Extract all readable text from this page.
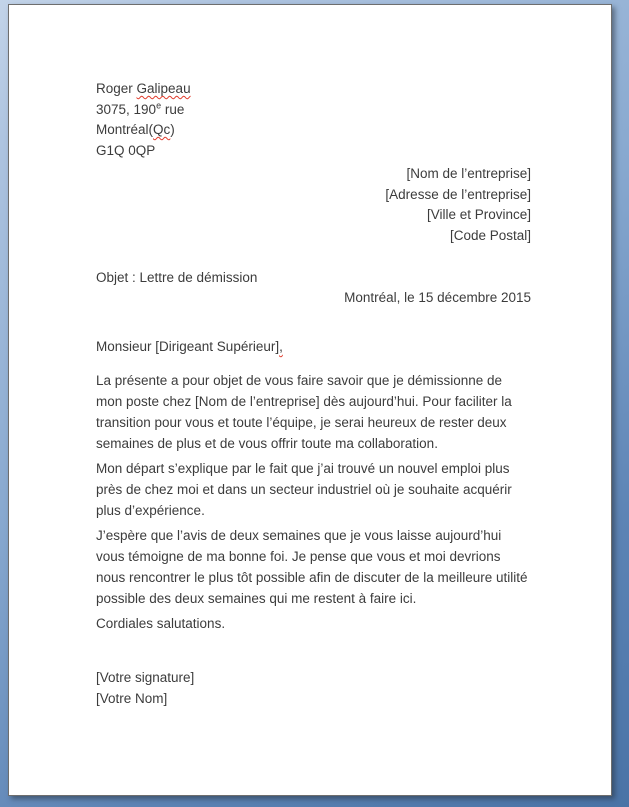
Roger Galipeau
3075, 190e rue
Montréal(Qc)
G1Q 0QP
[Nom de l’entreprise]
[Adresse de l’entreprise]
[Ville et Province]
[Code Postal]
Objet : Lettre de démission
Montréal, le 15 décembre 2015
Monsieur [Dirigeant Supérieur],

La présente a pour objet de vous faire savoir que je démissionne de mon poste chez [Nom de l’entreprise] dès aujourd’hui. Pour faciliter la transition pour vous et toute l’équipe, je serai heureux de rester deux semaines de plus et de vous offrir toute ma collaboration.

Mon départ s’explique par le fait que j’ai trouvé un nouvel emploi plus près de chez moi et dans un secteur industriel où je souhaite acquérir plus d’expérience.

J’espère que l’avis de deux semaines que je vous laisse aujourd’hui vous témoigne de ma bonne foi. Je pense que vous et moi devrions nous rencontrer le plus tôt possible afin de discuter de la meilleure utilité possible des deux semaines qui me restent à faire ici.

Cordiales salutations.
[Votre signature]
[Votre Nom]
